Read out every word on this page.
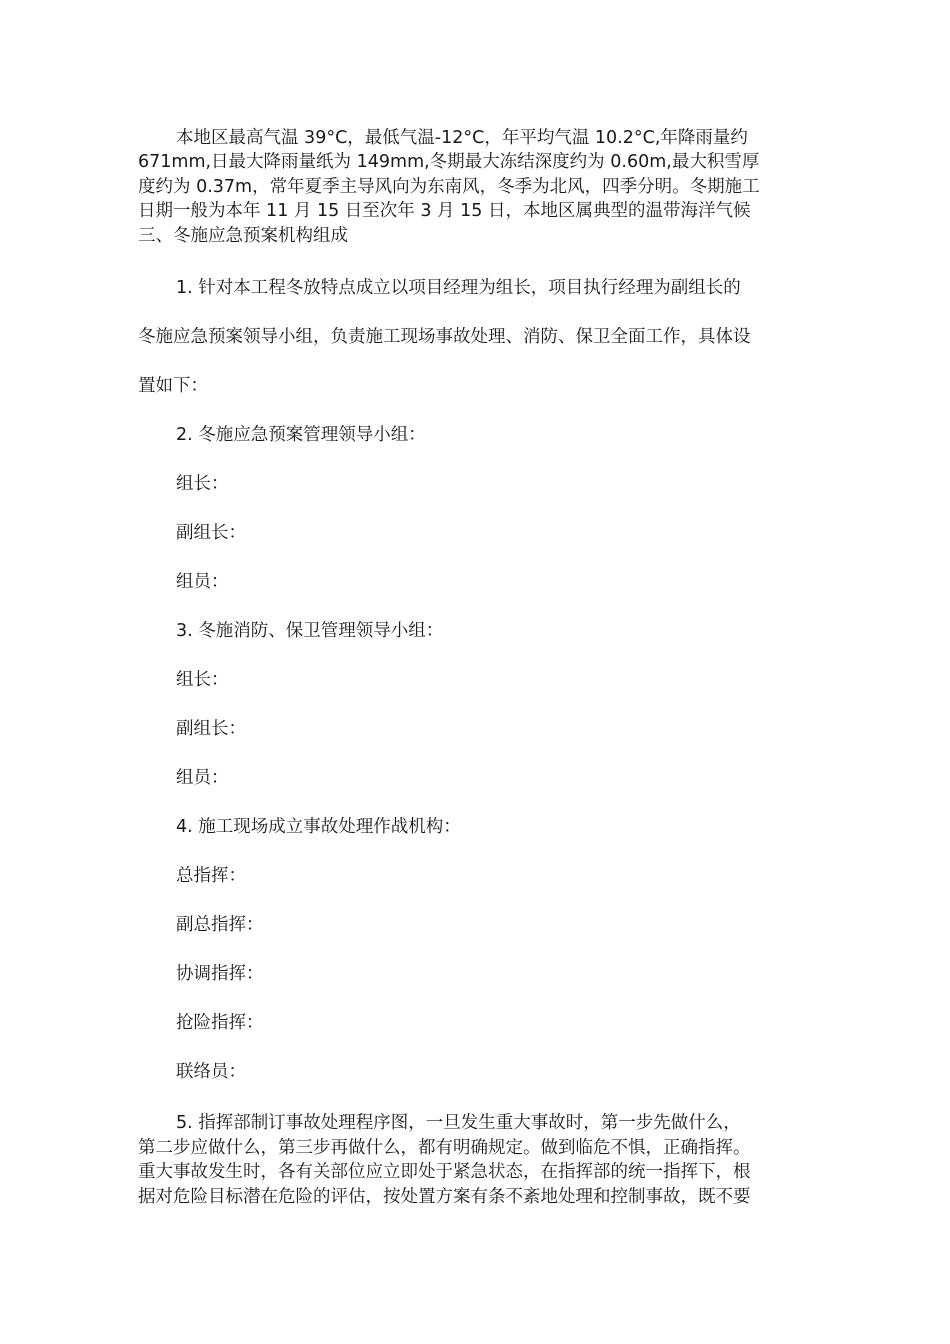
本地区最高气温 39°C，最低气温-12°C，年平均气温 10.2°C,年降雨量约
671mm,日最大降雨量纸为 149mm,冬期最大冻结深度约为 0.60m,最大积雪厚
度约为 0.37m，常年夏季主导风向为东南风，冬季为北风，四季分明。冬期施工
日期一般为本年 11 月 15 日至次年 3 月 15 日，本地区属典型的温带海洋气候
三、冬施应急预案机构组成
1. 针对本工程冬放特点成立以项目经理为组长，项目执行经理为副组长的
冬施应急预案领导小组，负责施工现场事故处理、消防、保卫全面工作，具体设
置如下：
2. 冬施应急预案管理领导小组：
组长：
副组长：
组员：
3. 冬施消防、保卫管理领导小组：
组长：
副组长：
组员：
4. 施工现场成立事故处理作战机构：
总指挥：
副总指挥：
协调指挥：
抢险指挥：
联络员：
5. 指挥部制订事故处理程序图，一旦发生重大事故时，第一步先做什么，
第二步应做什么，第三步再做什么，都有明确规定。做到临危不惧，正确指挥。
重大事故发生时，各有关部位应立即处于紧急状态，在指挥部的统一指挥下，根
据对危险目标潜在危险的评估，按处置方案有条不紊地处理和控制事故，既不要
